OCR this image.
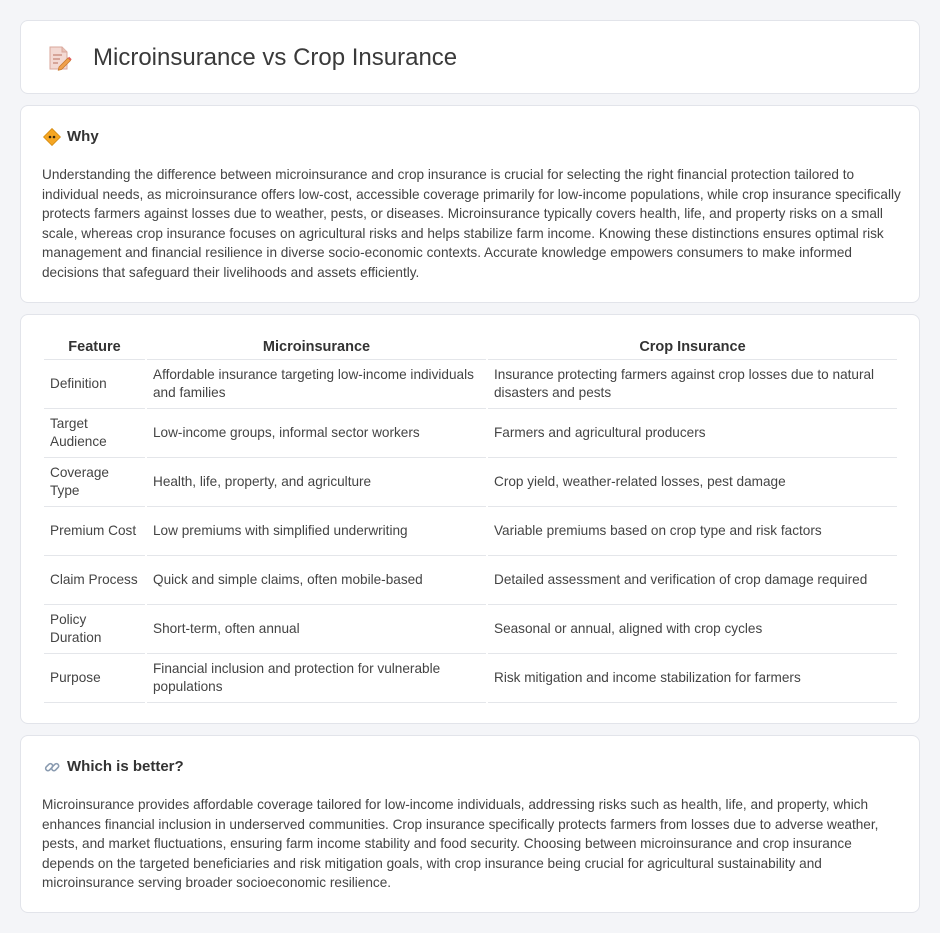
Microinsurance vs Crop Insurance
Why

Understanding the difference between microinsurance and crop insurance is crucial for selecting the right financial protection tailored to individual needs, as microinsurance offers low-cost, accessible coverage primarily for low-income populations, while crop insurance specifically protects farmers against losses due to weather, pests, or diseases. Microinsurance typically covers health, life, and property risks on a small scale, whereas crop insurance focuses on agricultural risks and helps stabilize farm income. Knowing these distinctions ensures optimal risk management and financial resilience in diverse socio-economic contexts. Accurate knowledge empowers consumers to make informed decisions that safeguard their livelihoods and assets efficiently.

Feature	Microinsurance	Crop Insurance
Definition	Affordable insurance targeting low-income individuals and families	Insurance protecting farmers against crop losses due to natural disasters and pests
Target Audience	Low-income groups, informal sector workers	Farmers and agricultural producers
Coverage Type	Health, life, property, and agriculture	Crop yield, weather-related losses, pest damage
Premium Cost	Low premiums with simplified underwriting	Variable premiums based on crop type and risk factors
Claim Process	Quick and simple claims, often mobile-based	Detailed assessment and verification of crop damage required
Policy Duration	Short-term, often annual	Seasonal or annual, aligned with crop cycles
Purpose	Financial inclusion and protection for vulnerable populations	Risk mitigation and income stabilization for farmers
Which is better?

Microinsurance provides affordable coverage tailored for low-income individuals, addressing risks such as health, life, and property, which enhances financial inclusion in underserved communities. Crop insurance specifically protects farmers from losses due to adverse weather, pests, and market fluctuations, ensuring farm income stability and food security. Choosing between microinsurance and crop insurance depends on the targeted beneficiaries and risk mitigation goals, with crop insurance being crucial for agricultural sustainability and microinsurance serving broader socioeconomic resilience.
